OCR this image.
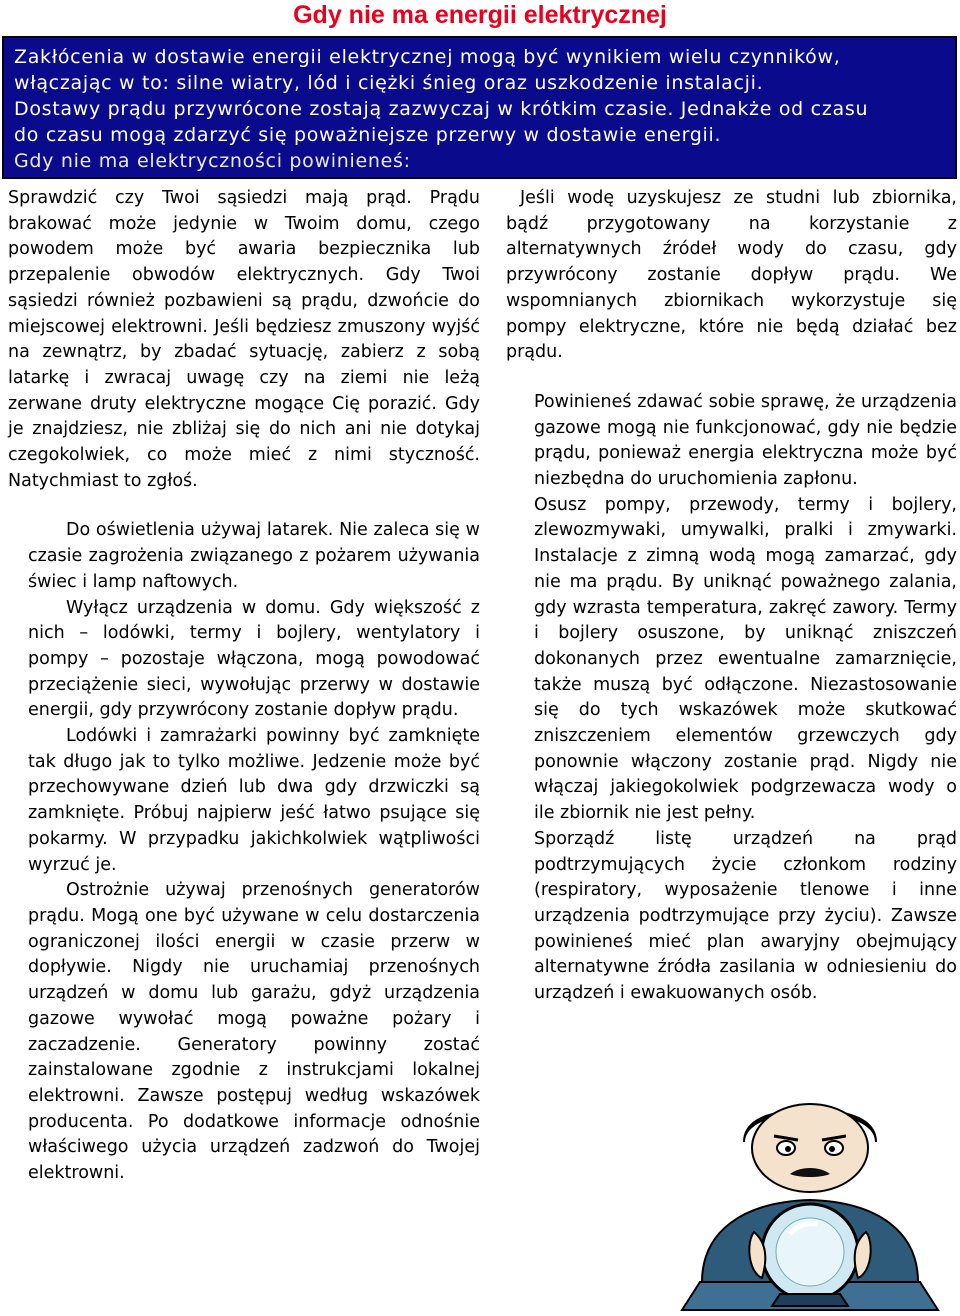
Gdy nie ma energii elektrycznej

Zakłócenia w dostawie energii elektrycznej mogą być wynikiem wielu czynników,

włączając w to: silne wiatry, lód i ciężki śnieg oraz uszkodzenie instalacji.

Dostawy prądu przywrócone zostają zazwyczaj w krótkim czasie. Jednakże od czasu

do czasu mogą zdarzyć się poważniejsze przerwy w dostawie energii.

Gdy nie ma elektryczności powinieneś:

Sprawdzić czy Twoi sąsiedzi mają prąd. Prądu brakować może jedynie w Twoim domu, czego powodem może być awaria bezpiecznika lub przepalenie obwodów elektrycznych. Gdy Twoi sąsiedzi również pozbawieni są prądu, dzwońcie do miejscowej elektrowni. Jeśli będziesz zmuszony wyjść na zewnątrz, by zbadać sytuację, zabierz z sobą latarkę i zwracaj uwagę czy na ziemi nie leżą zerwane druty elektryczne mogące Cię porazić. Gdy je znajdziesz, nie zbliżaj się do nich ani nie dotykaj czegokolwiek, co może mieć z nimi styczność. Natychmiast to zgłoś.

Do oświetlenia używaj latarek. Nie zaleca się w czasie zagrożenia związanego z pożarem używania świec i lamp naftowych.

Wyłącz urządzenia w domu. Gdy większość z nich – lodówki, termy i bojlery, wentylatory i pompy – pozostaje włączona, mogą powodować przeciążenie sieci, wywołując przerwy w dostawie energii, gdy przywrócony zostanie dopływ prądu.

Lodówki i zamrażarki powinny być zamknięte tak długo jak to tylko możliwe. Jedzenie może być przechowywane dzień lub dwa gdy drzwiczki są zamknięte. Próbuj najpierw jeść łatwo psujące się pokarmy. W przypadku jakichkolwiek wątpliwości wyrzuć je.

Ostrożnie używaj przenośnych generatorów prądu. Mogą one być używane w celu dostarczenia ograniczonej ilości energii w czasie przerw w dopływie. Nigdy nie uruchamiaj przenośnych urządzeń w domu lub garażu, gdyż urządzenia gazowe wywołać mogą poważne pożary i zaczadzenie. Generatory powinny zostać zainstalowane zgodnie z instrukcjami lokalnej elektrowni. Zawsze postępuj według wskazówek producenta. Po dodatkowe informacje odnośnie właściwego użycia urządzeń zadzwoń do Twojej elektrowni.

Jeśli wodę uzyskujesz ze studni lub zbiornika, bądź przygotowany na korzystanie z alternatywnych źródeł wody do czasu, gdy przywrócony zostanie dopływ prądu. We wspomnianych zbiornikach wykorzystuje się pompy elektryczne, które nie będą działać bez prądu.

Powinieneś zdawać sobie sprawę, że urządzenia gazowe mogą nie funkcjonować, gdy nie będzie prądu, ponieważ energia elektryczna może być niezbędna do uruchomienia zapłonu.

Osusz pompy, przewody, termy i bojlery, zlewozmywaki, umywalki, pralki i zmywarki. Instalacje z zimną wodą mogą zamarzać, gdy nie ma prądu. By uniknąć poważnego zalania, gdy wzrasta temperatura, zakręć zawory. Termy i bojlery osuszone, by uniknąć zniszczeń dokonanych przez ewentualne zamarznięcie, także muszą być odłączone. Niezastosowanie się do tych wskazówek może skutkować zniszczeniem elementów grzewczych gdy ponownie włączony zostanie prąd. Nigdy nie włączaj jakiegokolwiek podgrzewacza wody o ile zbiornik nie jest pełny.

Sporządź listę urządzeń na prąd podtrzymujących życie członkom rodziny (respiratory, wyposażenie tlenowe i inne urządzenia podtrzymujące przy życiu). Zawsze powinieneś mieć plan awaryjny obejmujący alternatywne źródła zasilania w odniesieniu do urządzeń i ewakuowanych osób.
